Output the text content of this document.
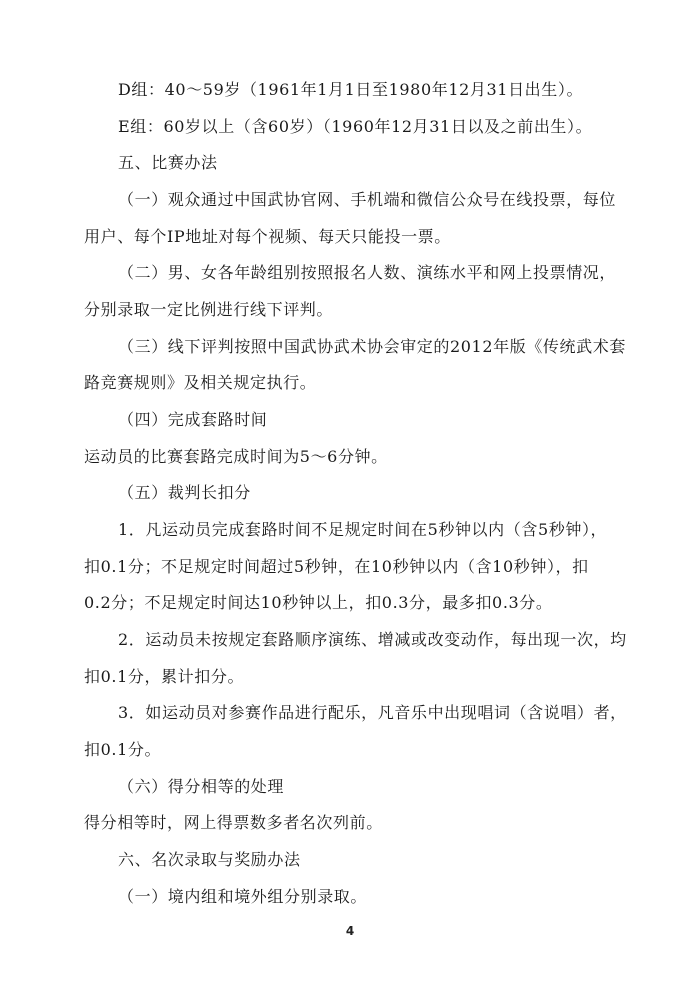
D组：40～59岁（1961年1月1日至1980年12月31日出生）。
E组：60岁以上（含60岁）（1960年12月31日以及之前出生）。
五、比赛办法
（一）观众通过中国武协官网、手机端和微信公众号在线投票，每位
用户、每个IP地址对每个视频、每天只能投一票。
（二）男、女各年龄组别按照报名人数、演练水平和网上投票情况，
分别录取一定比例进行线下评判。
（三）线下评判按照中国武协武术协会审定的2012年版《传统武术套
路竞赛规则》及相关规定执行。
（四）完成套路时间
运动员的比赛套路完成时间为5～6分钟。
（五）裁判长扣分
1．凡运动员完成套路时间不足规定时间在5秒钟以内（含5秒钟），
扣0.1分；不足规定时间超过5秒钟，在10秒钟以内（含10秒钟），扣
0.2分；不足规定时间达10秒钟以上，扣0.3分，最多扣0.3分。
2．运动员未按规定套路顺序演练、增减或改变动作，每出现一次，均
扣0.1分，累计扣分。
3．如运动员对参赛作品进行配乐，凡音乐中出现唱词（含说唱）者，
扣0.1分。
（六）得分相等的处理
得分相等时，网上得票数多者名次列前。
六、名次录取与奖励办法
（一）境内组和境外组分别录取。
4
